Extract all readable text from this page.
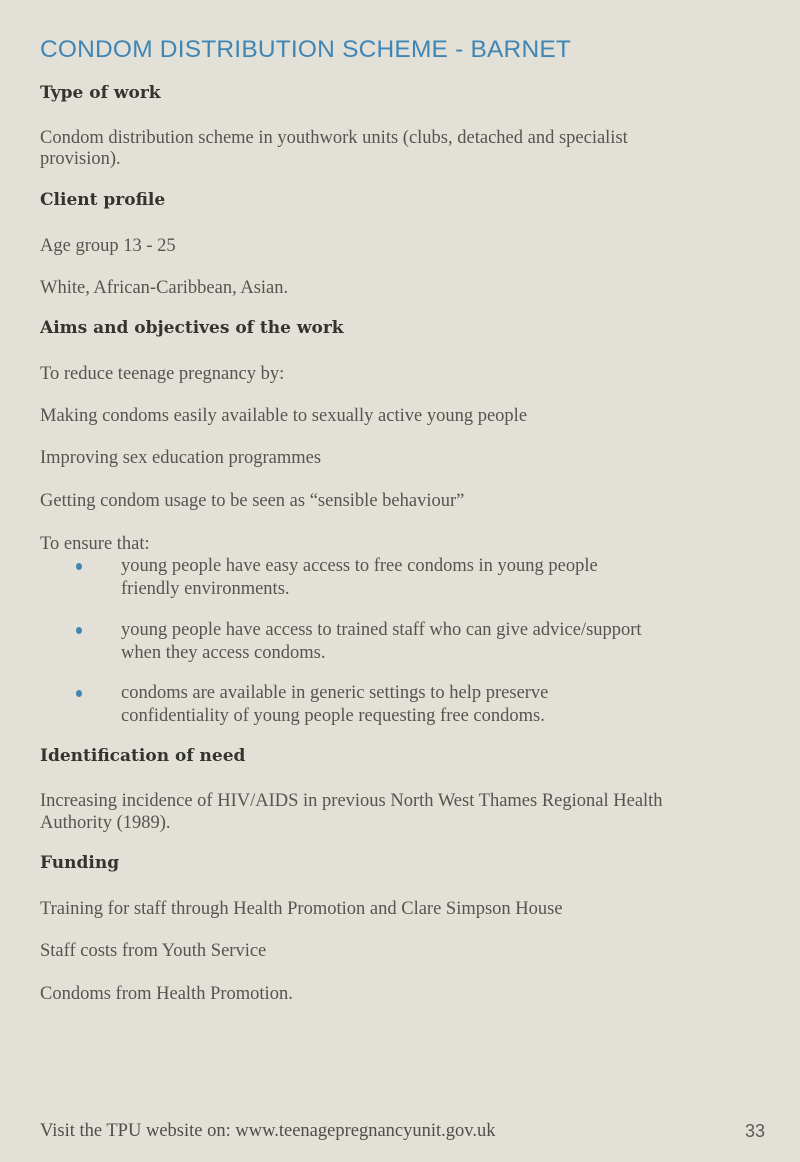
CONDOM DISTRIBUTION SCHEME - BARNET
Type of work

Condom distribution scheme in youthwork units (clubs, detached and specialist

provision).

Client profile

Age group 13 - 25

White, African-Caribbean, Asian.

Aims and objectives of the work

To reduce teenage pregnancy by:

Making condoms easily available to sexually active young people

Improving sex education programmes

Getting condom usage to be seen as “sensible behaviour”

To ensure that:

young people have easy access to free condoms in young people
friendly environments.
young people have access to trained staff who can give advice/support
when they access condoms.
condoms are available in generic settings to help preserve
confidentiality of young people requesting free condoms.
Identification of need

Increasing incidence of HIV/AIDS in previous North West Thames Regional Health

Authority (1989).

Funding

Training for staff through Health Promotion and Clare Simpson House

Staff costs from Youth Service

Condoms from Health Promotion.

Visit the TPU website on: www.teenagepregnancyunit.gov.uk	33
